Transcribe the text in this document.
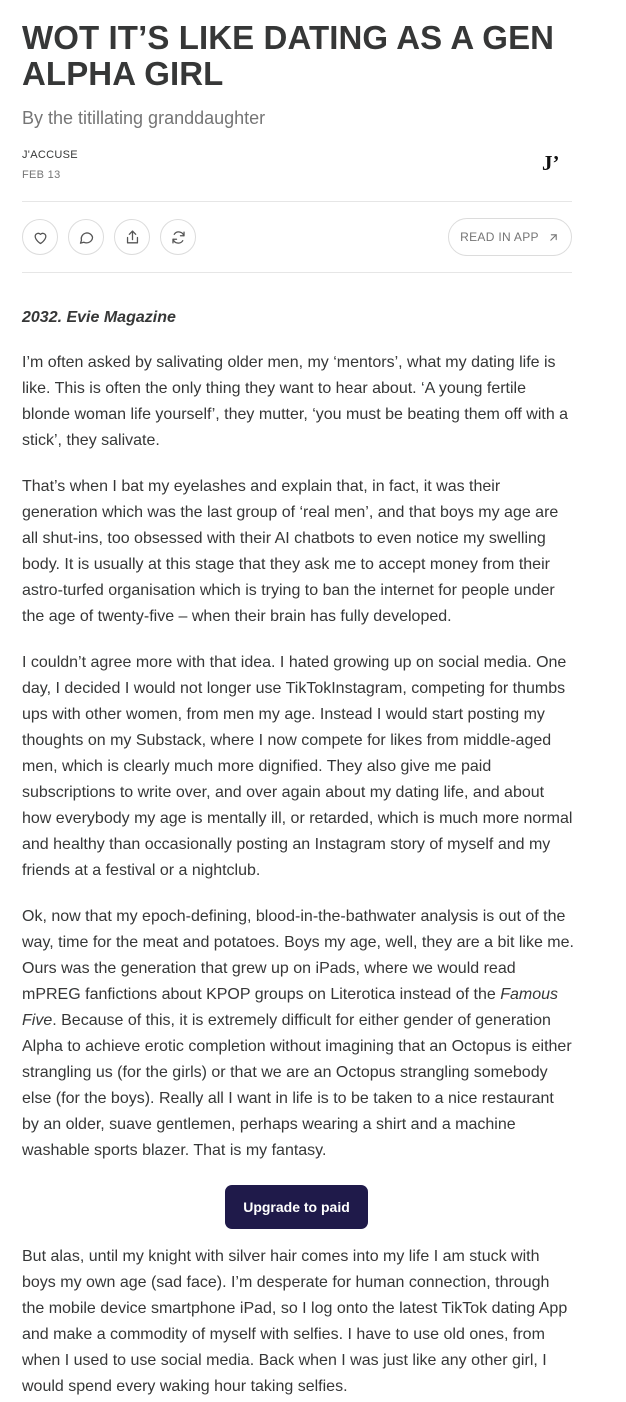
WOT IT’S LIKE DATING AS A GEN ALPHA GIRL
By the titillating granddaughter
J'ACCUSE
FEB 13	J’
READ IN APP
2032. Evie Magazine

I’m often asked by salivating older men, my ‘mentors’, what my dating life is like. This is often the only thing they want to hear about. ‘A young fertile blonde woman life yourself’, they mutter, ‘you must be beating them off with a stick’, they salivate.

That’s when I bat my eyelashes and explain that, in fact, it was their generation which was the last group of ‘real men’, and that boys my age are all shut-ins, too obsessed with their AI chatbots to even notice my swelling body. It is usually at this stage that they ask me to accept money from their astro-turfed organisation which is trying to ban the internet for people under the age of twenty-five – when their brain has fully developed.

I couldn’t agree more with that idea. I hated growing up on social media. One day, I decided I would not longer use TikTokInstagram, competing for thumbs ups with other women, from men my age. Instead I would start posting my thoughts on my Substack, where I now compete for likes from middle-aged men, which is clearly much more dignified. They also give me paid subscriptions to write over, and over again about my dating life, and about how everybody my age is mentally ill, or retarded, which is much more normal and healthy than occasionally posting an Instagram story of myself and my friends at a festival or a nightclub.

Ok, now that my epoch-defining, blood-in-the-bathwater analysis is out of the way, time for the meat and potatoes. Boys my age, well, they are a bit like me. Ours was the generation that grew up on iPads, where we would read mPREG fanfictions about KPOP groups on Literotica instead of the Famous Five. Because of this, it is extremely difficult for either gender of generation Alpha to achieve erotic completion without imagining that an Octopus is either strangling us (for the girls) or that we are an Octopus strangling somebody else (for the boys). Really all I want in life is to be taken to a nice restaurant by an older, suave gentlemen, perhaps wearing a shirt and a machine washable sports blazer. That is my fantasy.

Upgrade to paid

But alas, until my knight with silver hair comes into my life I am stuck with boys my own age (sad face). I’m desperate for human connection, through the mobile device smartphone iPad, so I log onto the latest TikTok dating App and make a commodity of myself with selfies. I have to use old ones, from when I used to use social media. Back when I was just like any other girl, I would spend every waking hour taking selfies.
